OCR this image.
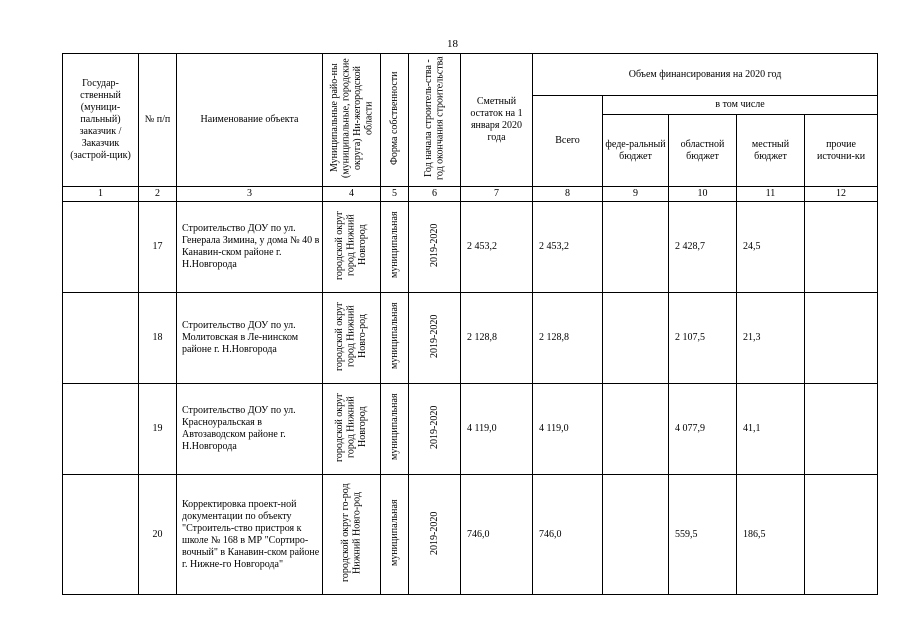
18
Государ-ственный (муници-пальный) заказчик / Заказчик (застрой-щик)	№ п/п	Наименование объекта	Муниципальные райо-ны (муниципальные, городские округа) Ни-жегородской области	Форма собственности	Год начала строитель-ства - год окончания строительства	Сметный остаток на 1 января 2020 года	Объем финансирования на 2020 год				
							Всего	в том числе			
								феде-ральный бюджет	областной бюджет	местный бюджет	прочие источни-ки
1	2	3	4	5	6	7	8	9	10	11	12
	17	Строительство ДОУ по ул. Генерала Зимина, у дома № 40 в Канавин-ском районе г. Н.Новгорода	городской округ город Нижний Новгород	муниципальная	2019-2020	2 453,2	2 453,2		2 428,7	24,5	
	18	Строительство ДОУ по ул. Молитовская в Ле-нинском районе г. Н.Новгорода	городской округ город Нижний Новго-род	муниципальная	2019-2020	2 128,8	2 128,8		2 107,5	21,3	
	19	Строительство ДОУ по ул. Красноуральская в Автозаводском районе г. Н.Новгорода	городской округ город Нижний Новгород	муниципальная	2019-2020	4 119,0	4 119,0		4 077,9	41,1	
	20	Корректировка проект-ной документации по объекту "Строитель-ство пристроя к школе № 168 в МР "Сортиро-вочный" в Канавин-ском районе г. Нижне-го Новгорода"	городской округ го-род Нижний Новго-род	муниципальная	2019-2020	746,0	746,0		559,5	186,5	
